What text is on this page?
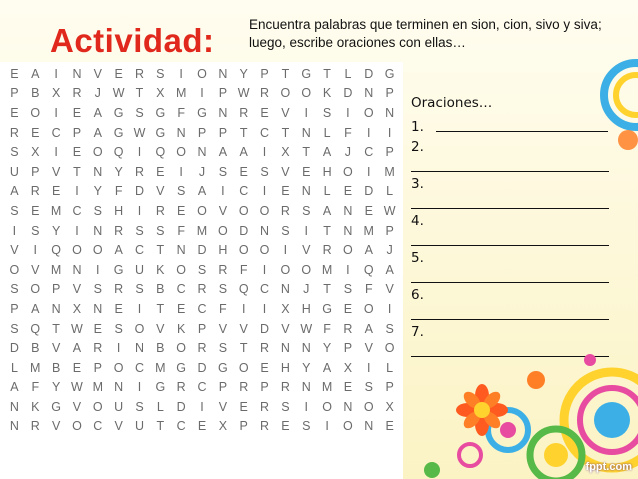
Actividad:	Encuentra palabras que terminen en sion, cion, sivo y siva; luego, escribe oraciones con ellas…
E	A	I	N V	E R S	I	O N Y	P	T G T	L	D G
P	B	X R	J W T	X M	I	P W R O O K D N P
E O	I	E	A G S G F G N R E	V	I	S	I	O N
R E C P	A G W G N P	P	T	C	T	N	L	F	I	I
S	X	I	E O Q	I	Q O N A	A	I	X	T	A	J	C P
U P	V	T	N Y R E	I	J	S	E	S	V	E H O	I	M
A R E	I	Y	F	D V	S	A	I	C	I	E N	L	E D	L
S	E M C S H	I	R E O V O O R S	A N E W
I	S	Y	I	N R S	S	F M O D N S	I	T	N M P
V	I	Q O O A C	T	N D H O O	I	V R O A	J
O V M N	I	G U K O S R	F	I	O O M	I	Q A
S O P	V	S R S	B C R S Q C N	J	T	S	F	V
P	A N X N E	I	T	E C	F	I	I	X H G E O	I
S Q T W E	S O V	K	P	V	V D V W F	R A	S
D B	V	A R	I	N B O R S	T	R N N Y	P	V O
L M B	E	P O C M G D G O E H Y	A	X	I	L
A	F	Y W M N	I	G R C P R P R N M E	S	P
N K G V O U S	L	D	I	V	E R S	I	O N O X
N R V O C V U	T	C E	X	P R E	S	I	O N E
Oraciones…
1.
2.
3.
4.
5.
6.
7.
fppt.com
